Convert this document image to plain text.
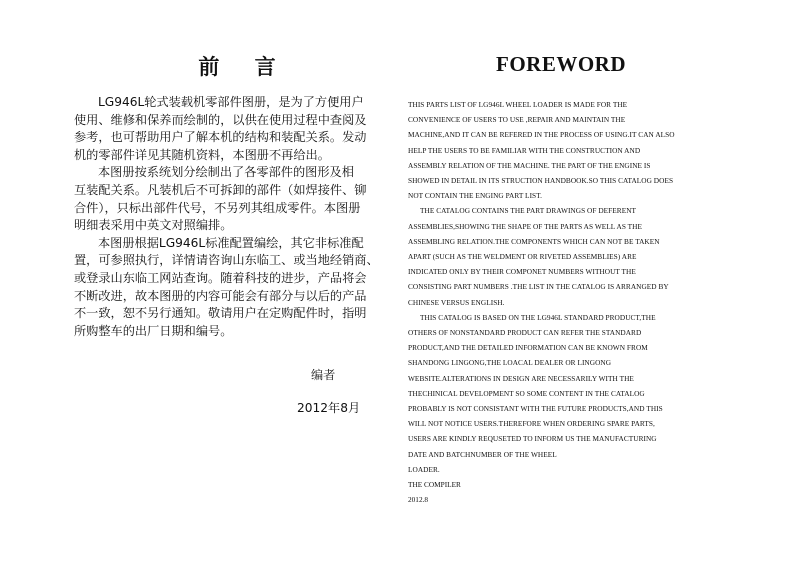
前 言

LG946L轮式装载机零部件图册，是为了方便用户
使用、维修和保养而绘制的，以供在使用过程中查阅及
参考，也可帮助用户了解本机的结构和装配关系。发动
机的零部件详见其随机资料，本图册不再给出。

本图册按系统划分绘制出了各零部件的图形及相
互装配关系。凡装机后不可拆卸的部件（如焊接件、铆
合件），只标出部件代号，不另列其组成零件。本图册
明细表采用中英文对照编排。

本图册根据LG946L标准配置编绘，其它非标准配
置，可参照执行，详情请咨询山东临工、或当地经销商、
或登录山东临工网站查询。随着科技的进步，产品将会
不断改进，故本图册的内容可能会有部分与以后的产品
不一致，恕不另行通知。敬请用户在定购配件时，指明
所购整车的出厂日期和编号。

编者
2012年8月
FOREWORD

THIS PARTS LIST OF LG946L WHEEL LOADER IS MADE FOR THE
CONVENIENCE OF USERS TO USE ,REPAIR AND MAINTAIN THE
MACHINE,AND IT CAN BE REFERED IN THE PROCESS OF USING.IT CAN ALSO
HELP THE USERS TO BE FAMILIAR WITH THE CONSTRUCTION AND
ASSEMBLY RELATION OF THE MACHINE. THE PART OF THE ENGINE IS
SHOWED IN DETAIL IN ITS STRUCTION HANDBOOK.SO THIS CATALOG DOES
NOT CONTAIN THE ENGING PART LIST.

THE CATALOG CONTAINS THE PART DRAWINGS OF DEFERENT
ASSEMBLIES,SHOWING THE SHAPE OF THE PARTS AS WELL AS THE
ASSEMBLING RELATION.THE COMPONENTS WHICH CAN NOT BE TAKEN
APART (SUCH AS THE WELDMENT OR RIVETED ASSEMBLIES) ARE
INDICATED ONLY BY THEIR COMPONET NUMBERS WITHOUT THE
CONSISTING PART NUMBERS .THE LIST IN THE CATALOG IS ARRANGED BY
CHINESE VERSUS ENGLISH.

THIS CATALOG IS BASED ON THE LG946L STANDARD PRODUCT,THE
OTHERS OF NONSTANDARD PRODUCT CAN REFER THE STANDARD
PRODUCT,AND THE DETAILED INFORMATION CAN BE KNOWN FROM
SHANDONG LINGONG,THE LOACAL DEALER OR LINGONG
WEBSITE.ALTERATIONS IN DESIGN ARE NECESSARILY WITH THE
THECHINICAL DEVELOPMENT SO SOME CONTENT IN THE CATALOG
PROBABLY IS NOT CONSISTANT WITH THE FUTURE PRODUCTS,AND THIS
WILL NOT NOTICE USERS.THEREFORE WHEN ORDERING SPARE PARTS,
USERS ARE KINDLY REQUSETED TO INFORM US THE MANUFACTURING
DATE AND BATCHNUMBER OF THE WHEEL
LOADER.

THE COMPILER

2012.8
